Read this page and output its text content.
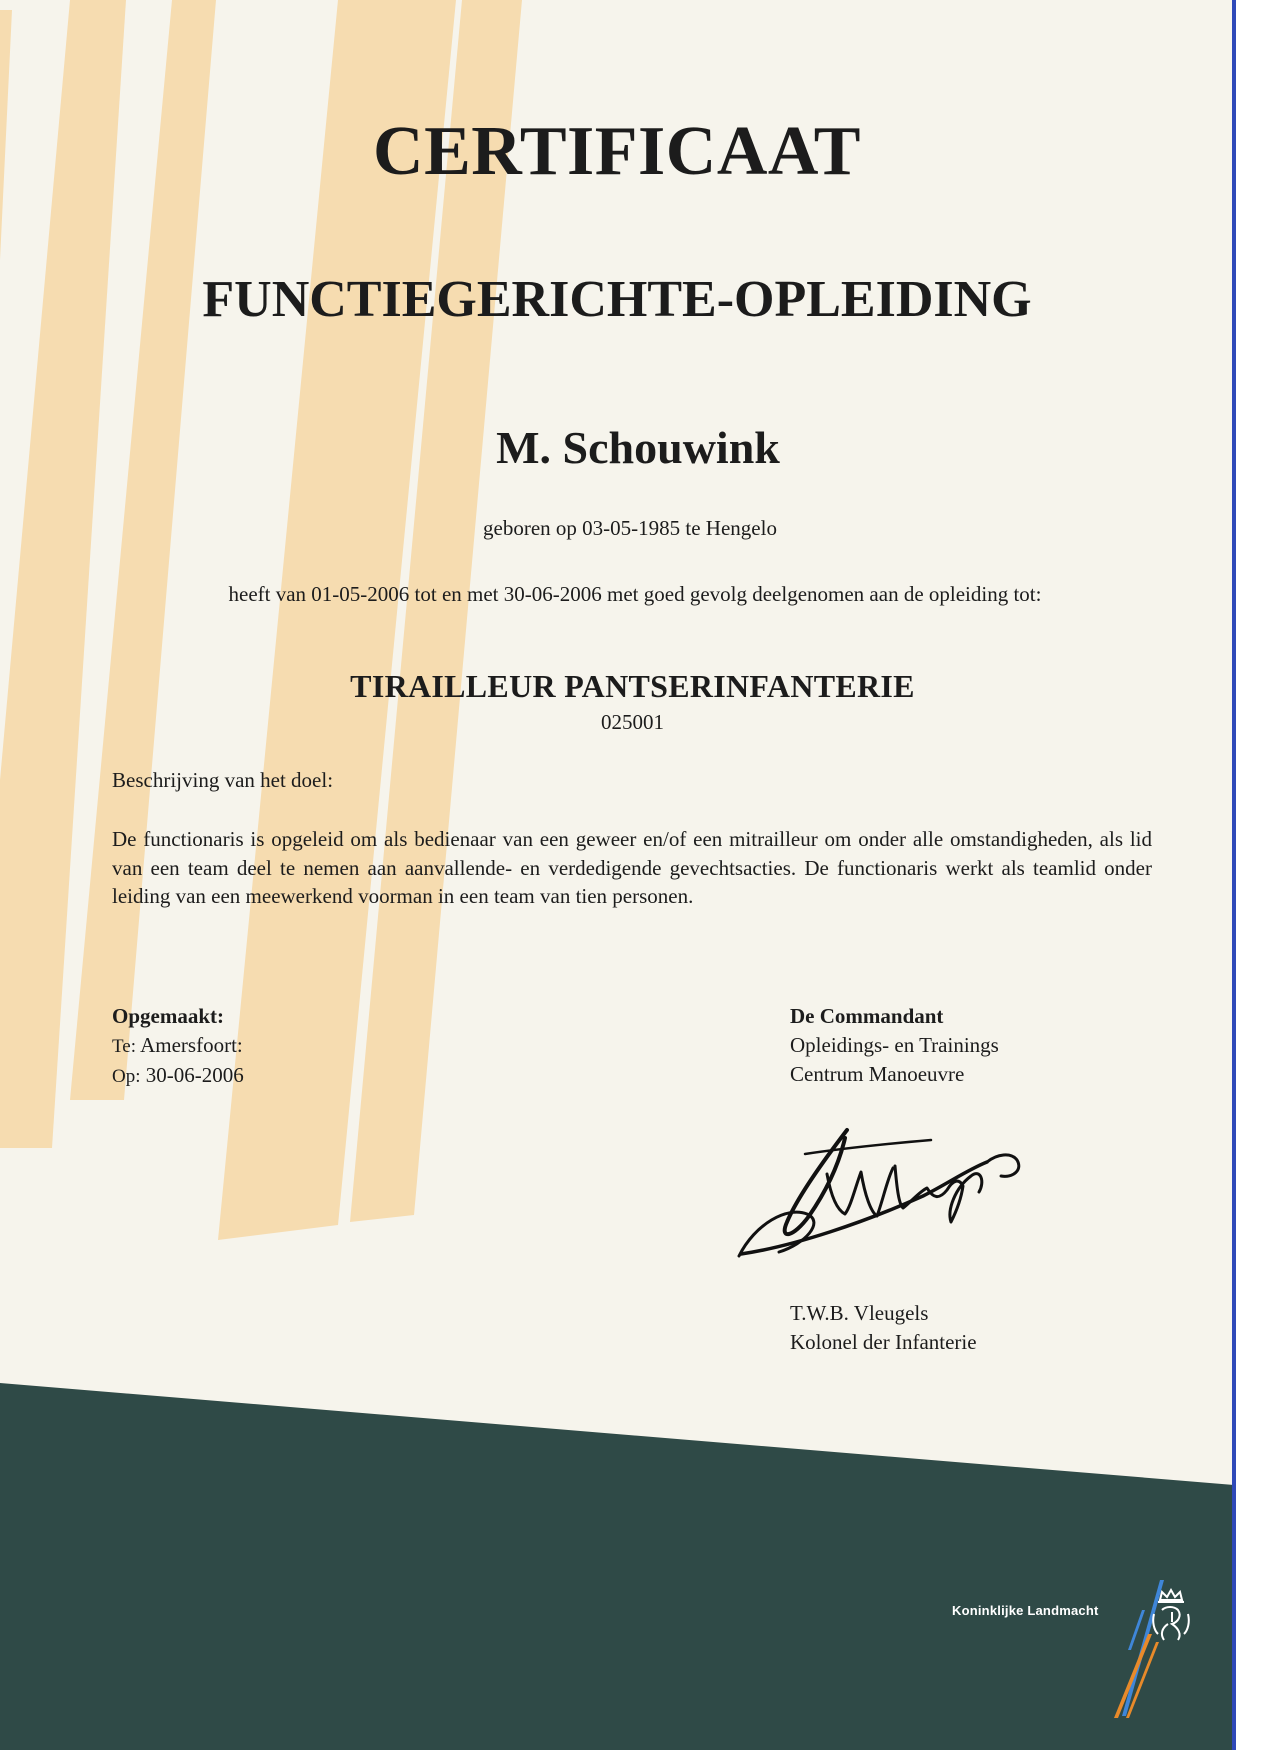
CERTIFICAAT
FUNCTIEGERICHTE-OPLEIDING
M. Schouwink
geboren op 03-05-1985 te Hengelo
heeft van 01-05-2006 tot en met 30-06-2006 met goed gevolg deelgenomen aan de opleiding tot:
TIRAILLEUR PANTSERINFANTERIE
025001
Beschrijving van het doel:
De functionaris is opgeleid om als bedienaar van een geweer en/of een mitrailleur om onder alle omstandigheden, als lid van een team deel te nemen aan aanvallende- en verdedigende gevechtsacties. De functionaris werkt als teamlid onder leiding van een meewerkend voorman in een team van tien personen.
Opgemaakt:
Te: Amersfoort:
Op: 30-06-2006
De Commandant
Opleidings- en Trainings
Centrum Manoeuvre
T.W.B. Vleugels
Kolonel der Infanterie
Koninklijke Landmacht
